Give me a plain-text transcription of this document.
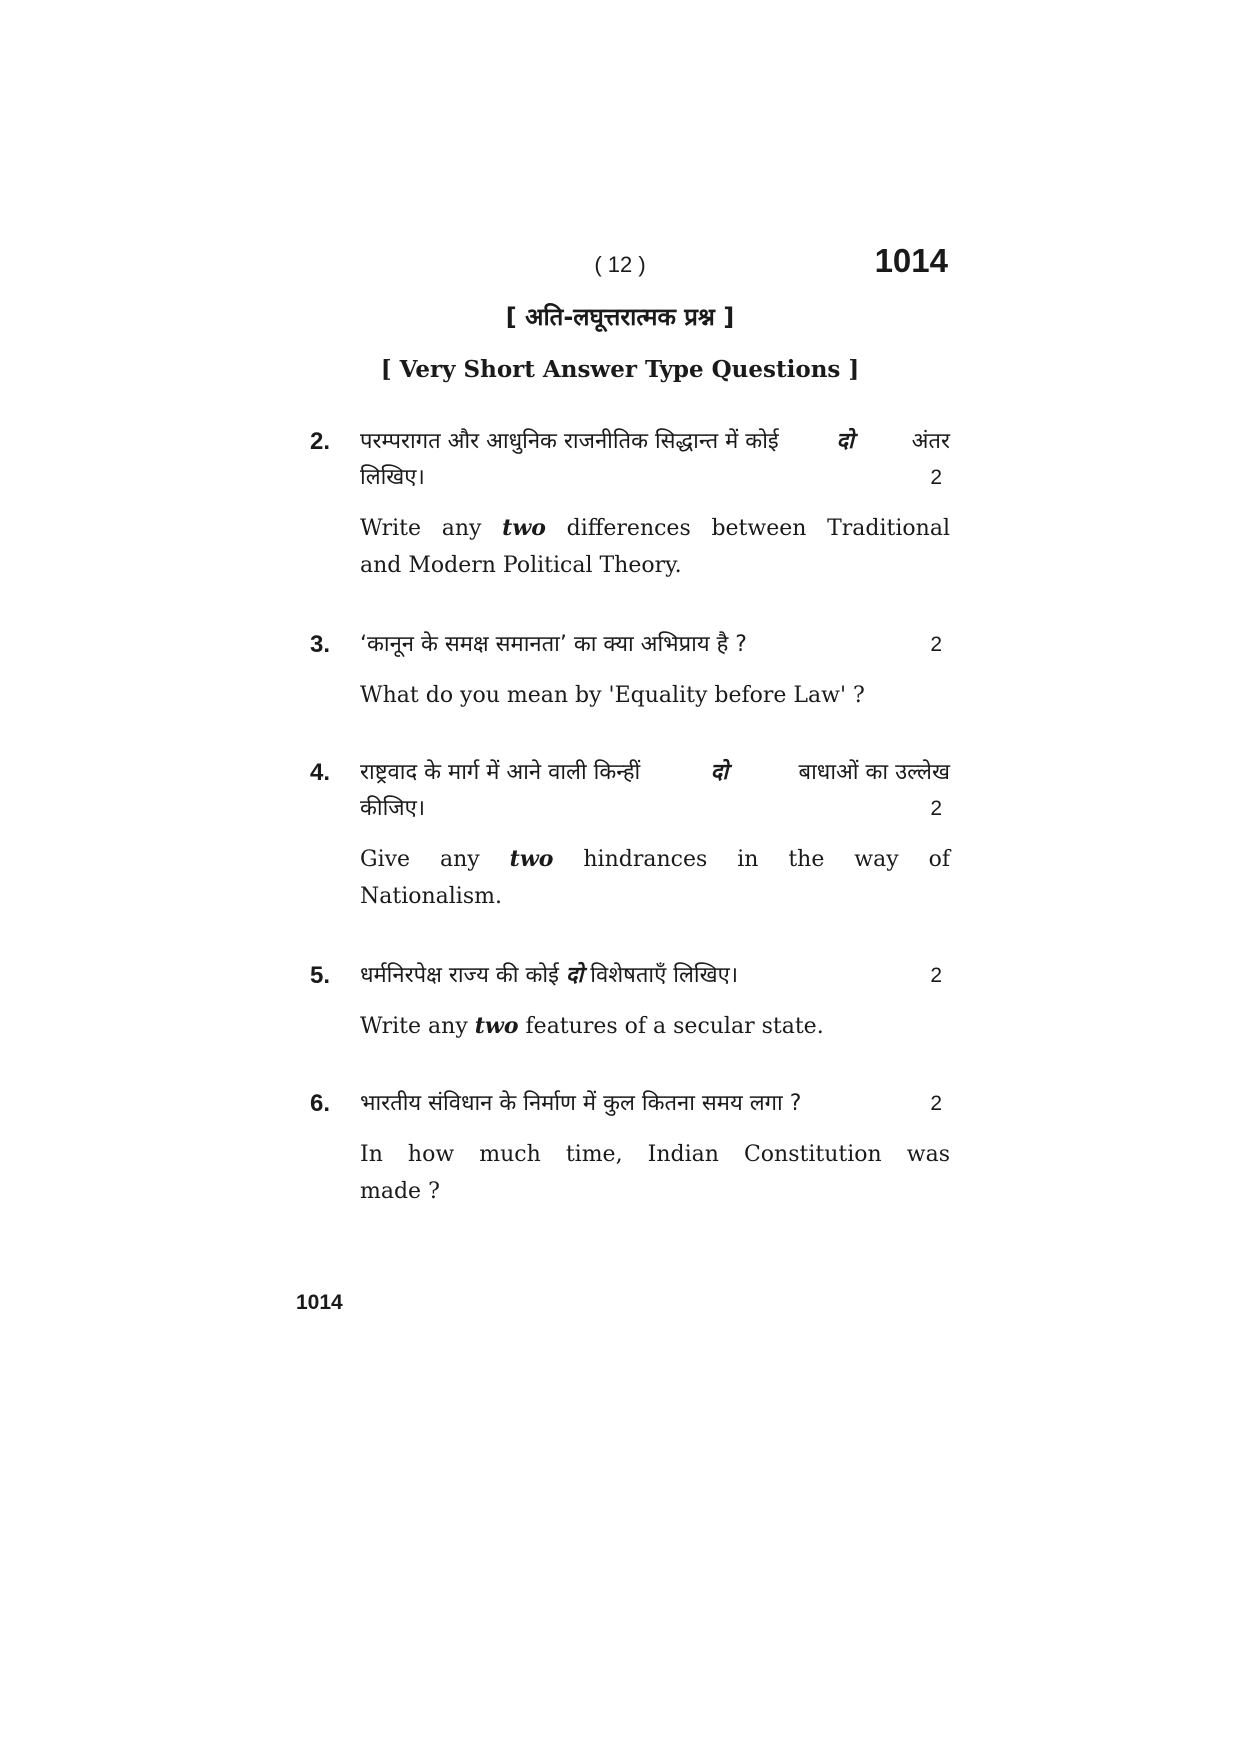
( 12 )	1014
[ अति-लघूत्तरात्मक प्रश्न ]
[ Very Short Answer Type Questions ]
2. परम्परागत और आधुनिक राजनीतिक सिद्धान्त में कोई	दो	अंतर
लिखिए।	2
Write any two differences between Traditional
and Modern Political Theory.
3. ‘कानून के समक्ष समानता’ का क्या अभिप्राय है ?	2
What do you mean by 'Equality before Law' ?
4. राष्ट्रवाद के मार्ग में आने वाली किन्हीं	दो	बाधाओं का उल्लेख
कीजिए।	2
Give any two hindrances in the way of
Nationalism.
5. धर्मनिरपेक्ष राज्य की कोई दो विशेषताएँ लिखिए।	2
Write any two features of a secular state.
6. भारतीय संविधान के निर्माण में कुल कितना समय लगा ?	2
In how much time, Indian Constitution was
made ?
1014
